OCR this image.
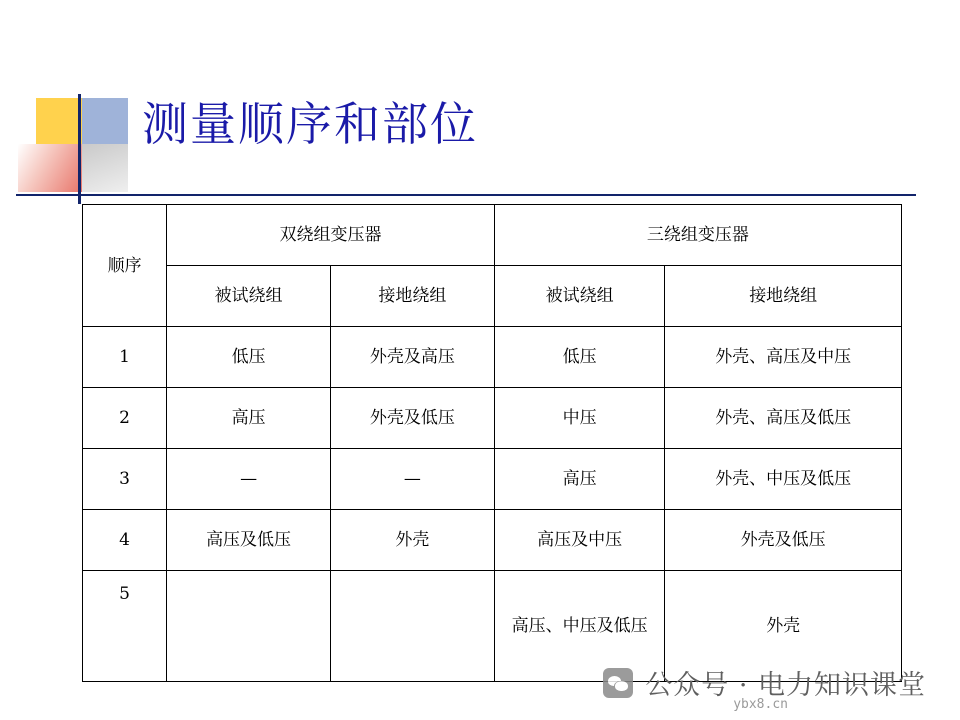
测量顺序和部位
顺序	双绕组变压器		三绕组变压器	
	被试绕组	接地绕组	被试绕组	接地绕组
1	低压	外壳及高压	低压	外壳、高压及中压
2	高压	外壳及低压	中压	外壳、高压及低压
3	—	—	高压	外壳、中压及低压
4	高压及低压	外壳	高压及中压	外壳及低压
5			高压、中压及低压	外壳
公众号 · 电力知识课堂
ybx8.cn
